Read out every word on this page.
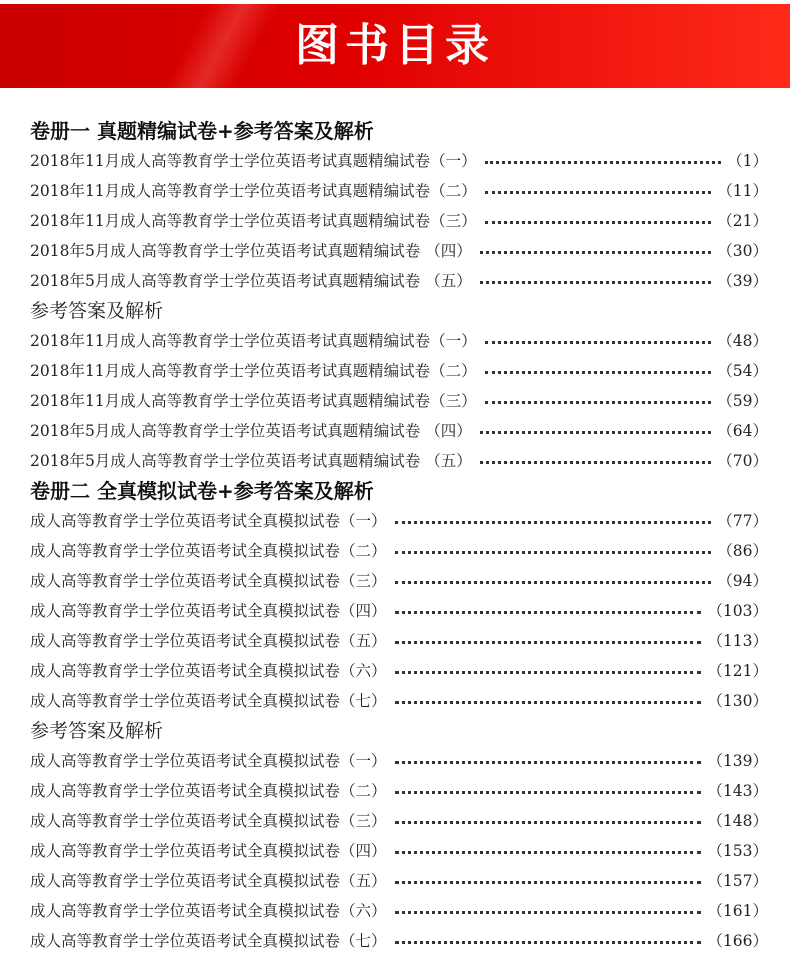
图书目录
卷册一 真题精编试卷+参考答案及解析
2018年11月成人高等教育学士学位英语考试真题精编试卷（一）	（1）
2018年11月成人高等教育学士学位英语考试真题精编试卷（二）	（11）
2018年11月成人高等教育学士学位英语考试真题精编试卷（三）	（21）
2018年5月成人高等教育学士学位英语考试真题精编试卷 （四）	（30）
2018年5月成人高等教育学士学位英语考试真题精编试卷 （五）	（39）
参考答案及解析
2018年11月成人高等教育学士学位英语考试真题精编试卷（一）	（48）
2018年11月成人高等教育学士学位英语考试真题精编试卷（二）	（54）
2018年11月成人高等教育学士学位英语考试真题精编试卷（三）	（59）
2018年5月成人高等教育学士学位英语考试真题精编试卷 （四）	（64）
2018年5月成人高等教育学士学位英语考试真题精编试卷 （五）	（70）
卷册二 全真模拟试卷+参考答案及解析
成人高等教育学士学位英语考试全真模拟试卷（一）	（77）
成人高等教育学士学位英语考试全真模拟试卷（二）	（86）
成人高等教育学士学位英语考试全真模拟试卷（三）	（94）
成人高等教育学士学位英语考试全真模拟试卷（四）	（103）
成人高等教育学士学位英语考试全真模拟试卷（五）	（113）
成人高等教育学士学位英语考试全真模拟试卷（六）	（121）
成人高等教育学士学位英语考试全真模拟试卷（七）	（130）
参考答案及解析
成人高等教育学士学位英语考试全真模拟试卷（一）	（139）
成人高等教育学士学位英语考试全真模拟试卷（二）	（143）
成人高等教育学士学位英语考试全真模拟试卷（三）	（148）
成人高等教育学士学位英语考试全真模拟试卷（四）	（153）
成人高等教育学士学位英语考试全真模拟试卷（五）	（157）
成人高等教育学士学位英语考试全真模拟试卷（六）	（161）
成人高等教育学士学位英语考试全真模拟试卷（七）	（166）
